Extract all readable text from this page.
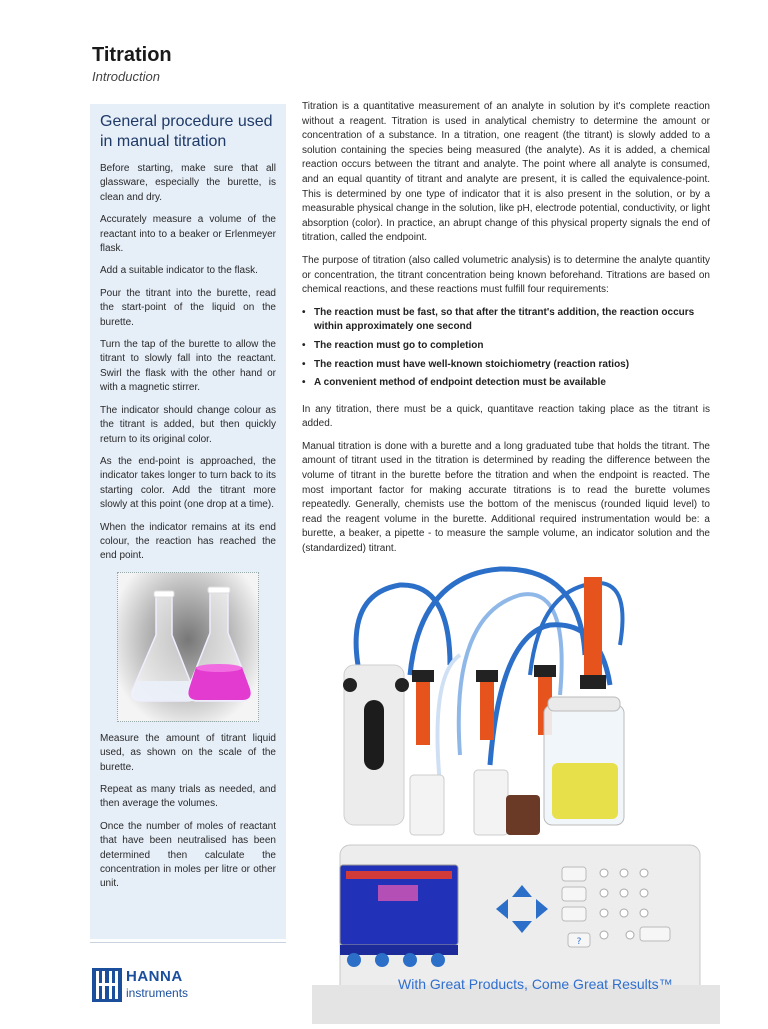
Titration
Introduction
General procedure used in manual titration

Before starting, make sure that all glassware, especially the burette, is clean and dry.

Accurately measure a volume of the reactant into to a beaker or Erlenmeyer flask.

Add a suitable indicator to the flask.

Pour the titrant into the burette, read the start-point of the liquid on the burette.

Turn the tap of the burette to allow the titrant to slowly fall into the reactant. Swirl the flask with the other hand or with a magnetic stirrer.

The indicator should change colour as the titrant is added, but then quickly return to its original color.

As the end-point is approached, the indicator takes longer to turn back to its starting color. Add the titrant more slowly at this point (one drop at a time).

When the indicator remains at its end colour, the reaction has reached the end point.

Measure the amount of titrant liquid used, as shown on the scale of the burette.

Repeat as many trials as needed, and then average the volumes.

Once the number of moles of reactant that have been neutralised has been determined then calculate the concentration in moles per litre or other unit.

Titration is a quantitative measurement of an analyte in solution by it's complete reaction without a reagent. Titration is used in analytical chemistry to determine the amount or concentration of a substance. In a titration, one reagent (the titrant) is slowly added to a solution containing the species being measured (the analyte). As it is added, a chemical reaction occurs between the titrant and analyte. The point where all analyte is consumed, and an equal quantity of titrant and analyte are present, it is called the equivalence-point. This is determined by one type of indicator that it is also present in the solution, or by a measurable physical change in the solution, like pH, electrode potential, conductivity, or light absorption (color). In practice, an abrupt change of this physical property signals the end of titration, called the endpoint.

The purpose of titration (also called volumetric analysis) is to determine the analyte quantity or concentration, the titrant concentration being known beforehand. Titrations are based on chemical reactions, and these reactions must fulfill four requirements:

• The reaction must be fast, so that after the titrant's addition, the reaction occurs within approximately one second
• The reaction must go to completion
• The reaction must have well-known stoichiometry (reaction ratios)
• A convenient method of endpoint detection must be available

In any titration, there must be a quick, quantitave reaction taking place as the titrant is added.

Manual titration is done with a burette and a long graduated tube that holds the titrant. The amount of titrant used in the titration is determined by reading the difference between the volume of titrant in the burette before the titration and when the endpoint is reacted. The most important factor for making accurate titrations is to read the burette volumes repeatedly. Generally, chemists use the bottom of the meniscus (rounded liquid level) to read the reagent volume in the burette. Additional required instrumentation would be: a burette, a beaker, a pipette - to measure the sample volume, an indicator solution and the (standardized) titrant.

?
HANNA
instruments
With Great Products, Come Great Results™
